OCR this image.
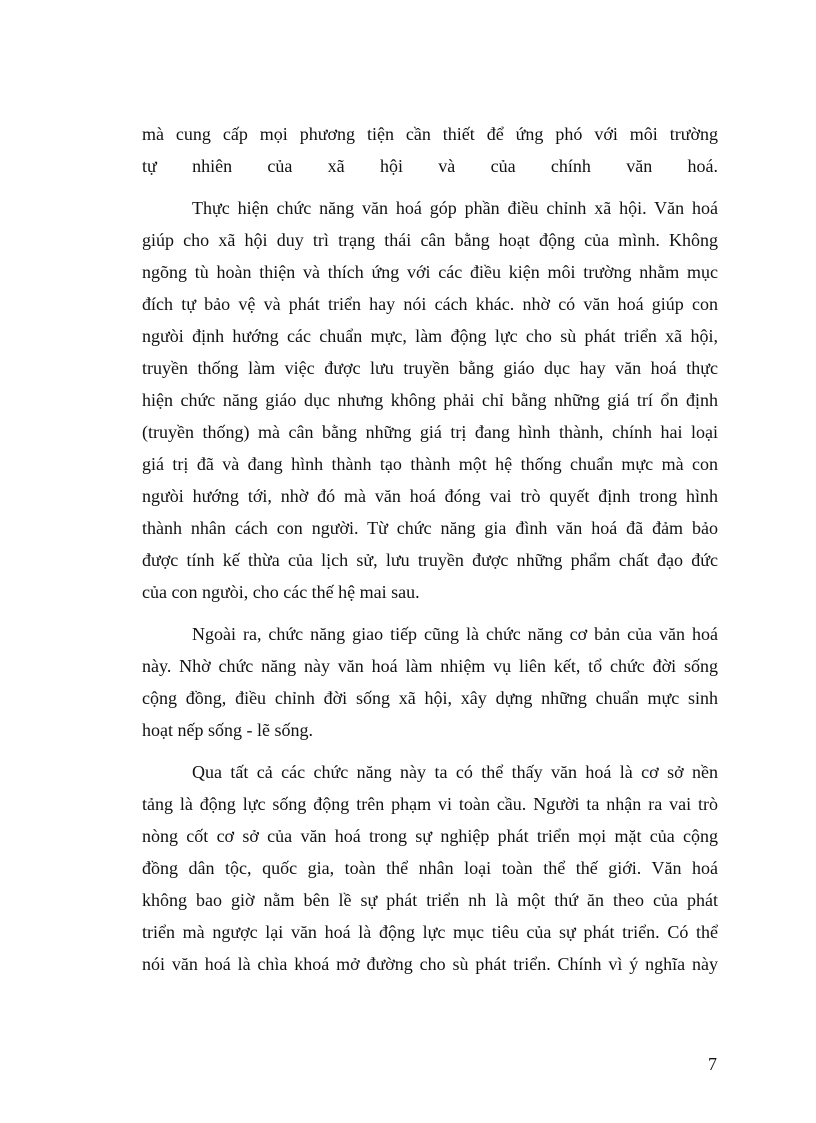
mà cung cấp mọi phương tiện cần thiết để ứng phó với môi trường
tự nhiên của xã hội và của chính văn hoá.
Thực hiện chức năng văn hoá góp phần điều chỉnh xã hội. Văn hoá
giúp cho xã hội duy trì trạng thái cân bằng hoạt động của mình. Không
ngõng tù hoàn thiện và thích ứng với các điều kiện môi trường nhằm mục
đích tự bảo vệ và phát triển hay nói cách khác. nhờ có văn hoá giúp con
ngưòi định hướng các chuẩn mực, làm động lực cho sù phát triển xã hội,
truyền thống làm việc được lưu truyền bằng giáo dục hay văn hoá thực
hiện chức năng giáo dục nhưng không phải chỉ bằng những giá trí ổn định
(truyền thống) mà cân bằng những giá trị đang hình thành, chính hai loại
giá trị đã và đang hình thành tạo thành một hệ thống chuẩn mực mà con
ngưòi hướng tới, nhờ đó mà văn hoá đóng vai trò quyết định trong hình
thành nhân cách con người. Từ chức năng gia đình văn hoá đã đảm bảo
được tính kế thừa của lịch sử, lưu truyền được những phẩm chất đạo đức
của con ngưòi, cho các thế hệ mai sau.
Ngoài ra, chức năng giao tiếp cũng là chức năng cơ bản của văn hoá
này. Nhờ chức năng này văn hoá làm nhiệm vụ liên kết, tổ chức đời sống
cộng đồng, điều chỉnh đời sống xã hội, xây dựng những chuẩn mực sinh
hoạt nếp sống - lẽ sống.
Qua tất cả các chức năng này ta có thể thấy văn hoá là cơ sở nền
tảng là động lực sống động trên phạm vi toàn cầu. Người ta nhận ra vai trò
nòng cốt cơ sở của văn hoá trong sự nghiệp phát triển mọi mặt của cộng
đồng dân tộc, quốc gia, toàn thể nhân loại toàn thể thế giới. Văn hoá
không bao giờ nằm bên lề sự phát triển nh là một thứ ăn theo của phát
triển mà ngược lại văn hoá là động lực mục tiêu của sự phát triển. Có thể
nói văn hoá là chìa khoá mở đường cho sù phát triển. Chính vì ý nghĩa này
7
